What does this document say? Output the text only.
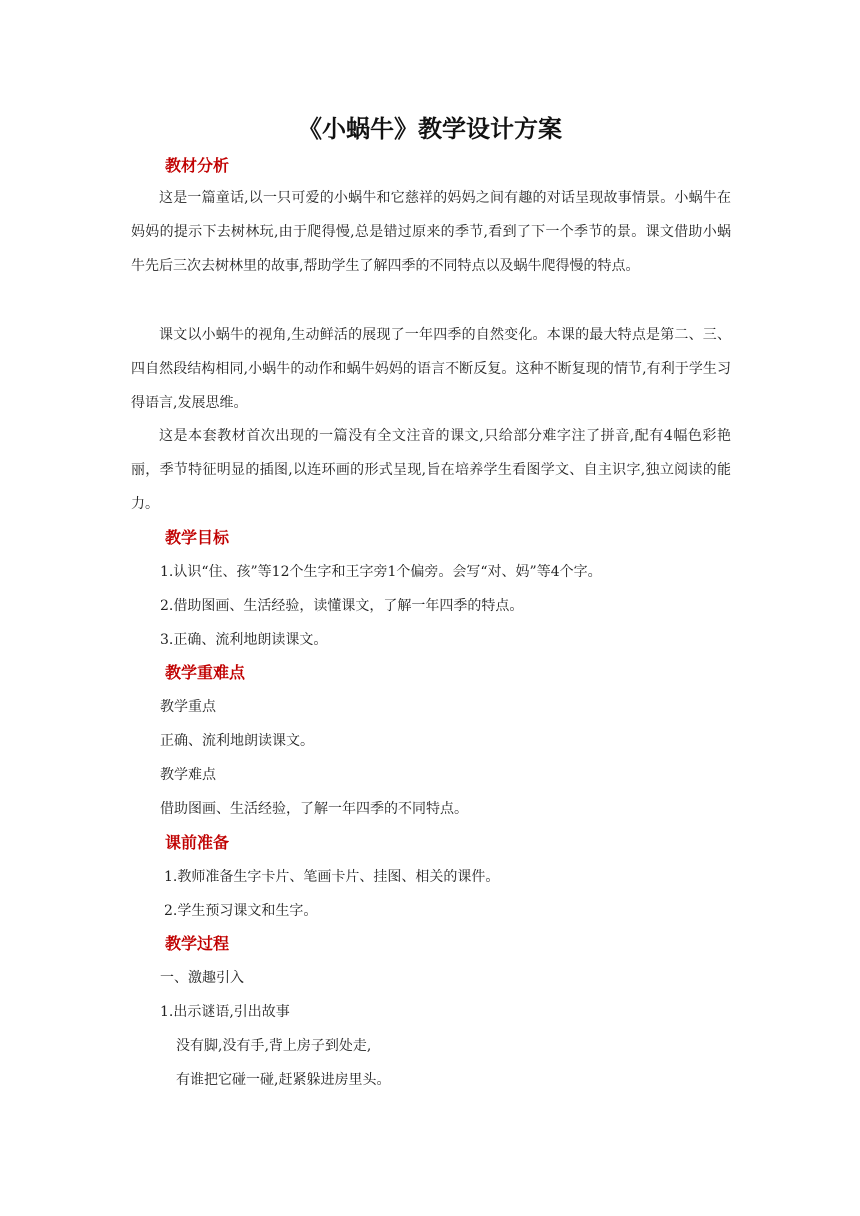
《小蜗牛》教学设计方案
教材分析

这是一篇童话,以一只可爱的小蜗牛和它慈祥的妈妈之间有趣的对话呈现故事情景。小蜗牛在妈妈的提示下去树林玩,由于爬得慢,总是错过原来的季节,看到了下一个季节的景。课文借助小蜗牛先后三次去树林里的故事,帮助学生了解四季的不同特点以及蜗牛爬得慢的特点。

课文以小蜗牛的视角,生动鲜活的展现了一年四季的自然变化。本课的最大特点是第二、三、四自然段结构相同,小蜗牛的动作和蜗牛妈妈的语言不断反复。这种不断复现的情节,有利于学生习得语言,发展思维。

这是本套教材首次出现的一篇没有全文注音的课文,只给部分难字注了拼音,配有4幅色彩艳丽，季节特征明显的插图,以连环画的形式呈现,旨在培养学生看图学文、自主识字,独立阅读的能力。

教学目标

1.认识“住、孩”等12个生字和王字旁1个偏旁。会写“对、妈”等4个字。

2.借助图画、生活经验，读懂课文，了解一年四季的特点。

3.正确、流利地朗读课文。

教学重难点

教学重点

正确、流利地朗读课文。

教学难点

借助图画、生活经验，了解一年四季的不同特点。

课前准备

1.教师准备生字卡片、笔画卡片、挂图、相关的课件。

2.学生预习课文和生字。

教学过程

一、激趣引入

1.出示谜语,引出故事

没有脚,没有手,背上房子到处走,

有谁把它碰一碰,赶紧躲进房里头。
